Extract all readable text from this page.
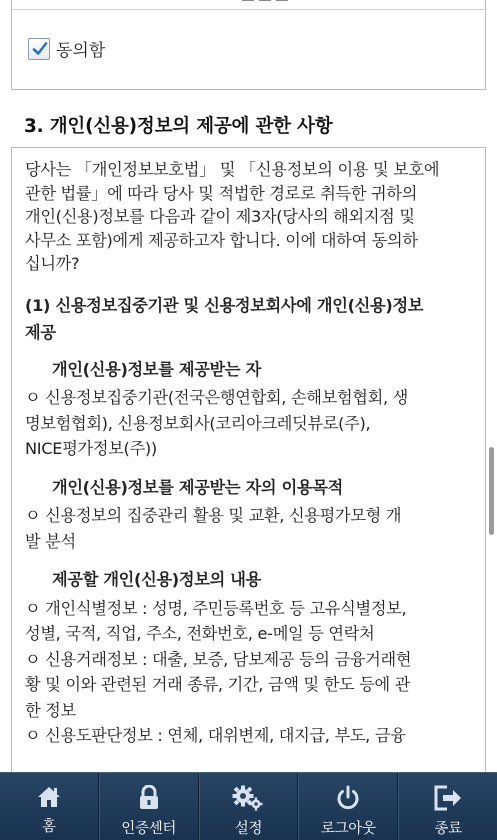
동의함
3. 개인(신용)정보의 제공에 관한 사항

당사는 「개인정보보호법」 및 「신용정보의 이용 및 보호에

관한 법률」에 따라 당사 및 적법한 경로로 취득한 귀하의

개인(신용)정보를 다음과 같이 제3자(당사의 해외지점 및

사무소 포함)에게 제공하고자 합니다. 이에 대하여 동의하

십니까?

(1) 신용정보집중기관 및 신용정보회사에 개인(신용)정보
제공

개인(신용)정보를 제공받는 자

ㅇ 신용정보집중기관(전국은행연합회, 손해보험협회, 생

명보험협회), 신용정보회사(코리아크레딧뷰로(주),

NICE평가정보(주))

개인(신용)정보를 제공받는 자의 이용목적

ㅇ 신용정보의 집중관리 활용 및 교환, 신용평가모형 개

발 분석

제공할 개인(신용)정보의 내용

ㅇ 개인식별정보 : 성명, 주민등록번호 등 고유식별정보,

성별, 국적, 직업, 주소, 전화번호, e-메일 등 연락처

ㅇ 신용거래정보 : 대출, 보증, 담보제공 등의 금융거래현

황 및 이와 관련된 거래 종류, 기간, 금액 및 한도 등에 관

한 정보

ㅇ 신용도판단정보 : 연체, 대위변제, 대지급, 부도, 금융

홈	인증센터	설정	로그아웃	종료
